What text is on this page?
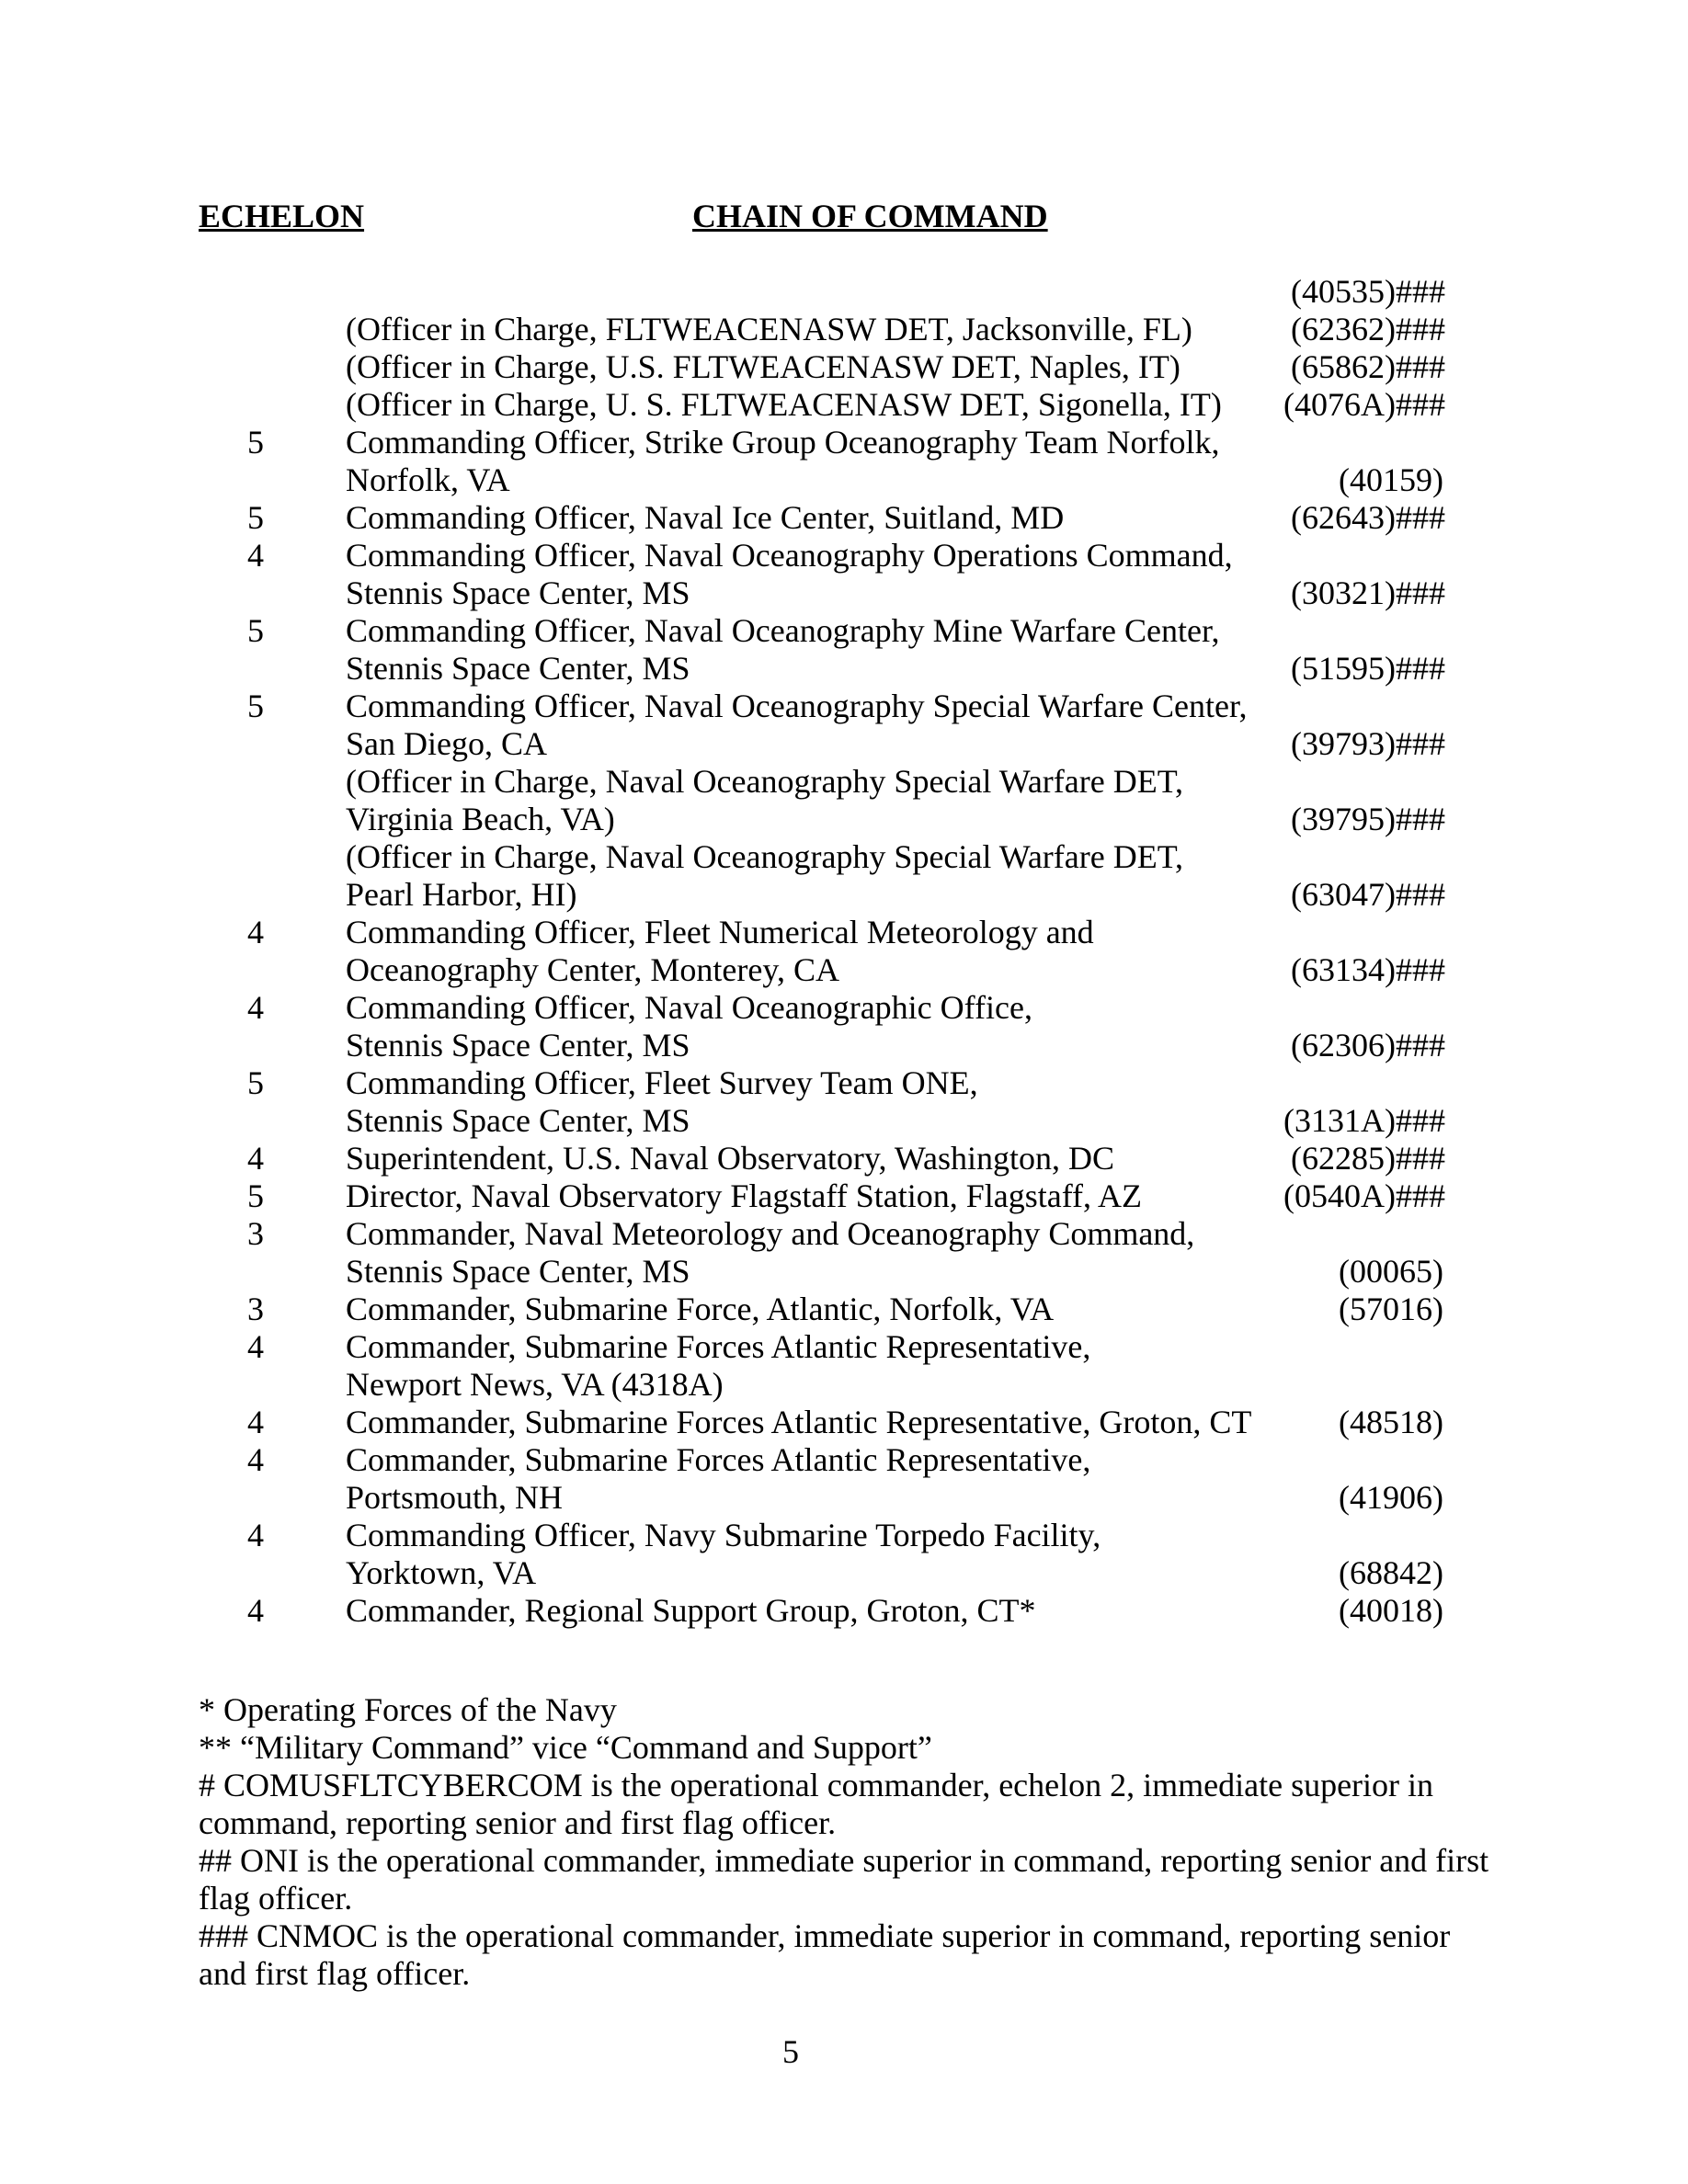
ECHELON	CHAIN OF COMMAND
(40535)###
(Officer in Charge, FLTWEACENASW DET, Jacksonville, FL)	(62362)###
(Officer in Charge, U.S. FLTWEACENASW DET, Naples, IT)	(65862)###
(Officer in Charge, U. S. FLTWEACENASW DET, Sigonella, IT) (4076A)###
5 Commanding Officer, Strike Group Oceanography Team Norfolk,
Norfolk, VA	(40159)
5 Commanding Officer, Naval Ice Center, Suitland, MD	(62643)###
4 Commanding Officer, Naval Oceanography Operations Command,
Stennis Space Center, MS	(30321)###
5 Commanding Officer, Naval Oceanography Mine Warfare Center,
Stennis Space Center, MS	(51595)###
5 Commanding Officer, Naval Oceanography Special Warfare Center,
San Diego, CA	(39793)###
(Officer in Charge, Naval Oceanography Special Warfare DET,
Virginia Beach, VA)	(39795)###
(Officer in Charge, Naval Oceanography Special Warfare DET,
Pearl Harbor, HI)	(63047)###
4 Commanding Officer, Fleet Numerical Meteorology and
Oceanography Center, Monterey, CA	(63134)###
4 Commanding Officer, Naval Oceanographic Office,
Stennis Space Center, MS	(62306)###
5 Commanding Officer, Fleet Survey Team ONE,
Stennis Space Center, MS	(3131A)###
4 Superintendent, U.S. Naval Observatory, Washington, DC	(62285)###
5 Director, Naval Observatory Flagstaff Station, Flagstaff, AZ	(0540A)###
3 Commander, Naval Meteorology and Oceanography Command,
Stennis Space Center, MS	(00065)
3 Commander, Submarine Force, Atlantic, Norfolk, VA	(57016)
4 Commander, Submarine Forces Atlantic Representative,
Newport News, VA (4318A)
4 Commander, Submarine Forces Atlantic Representative, Groton, CT	(48518)
4 Commander, Submarine Forces Atlantic Representative,
Portsmouth, NH	(41906)
4 Commanding Officer, Navy Submarine Torpedo Facility,
Yorktown, VA	(68842)
4 Commander, Regional Support Group, Groton, CT*	(40018)

* Operating Forces of the Navy

** “Military Command” vice “Command and Support”

# COMUSFLTCYBERCOM is the operational commander, echelon 2, immediate superior in command, reporting senior and first flag officer.

## ONI is the operational commander, immediate superior in command, reporting senior and first flag officer.

### CNMOC is the operational commander, immediate superior in command, reporting senior and first flag officer.

5
